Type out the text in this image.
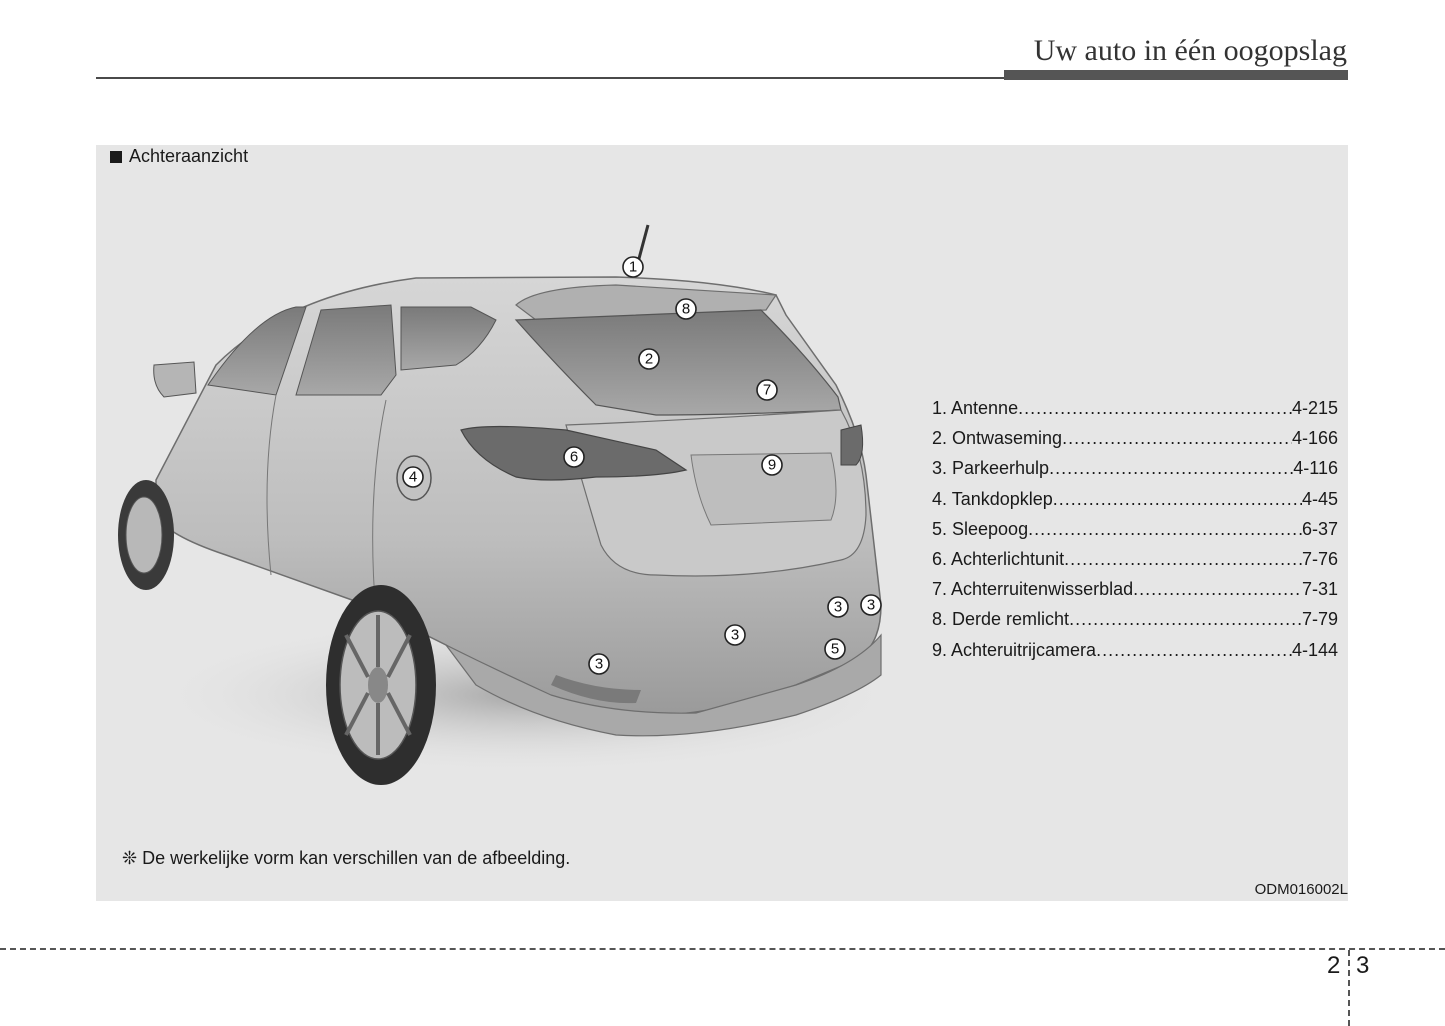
Uw auto in één oogopslag
Achteraanzicht
1
8
2
7
6	9
4
3 3
3
5
3
1. Antenne .....	4-215
2. Ontwaseming .....	4-166
3. Parkeerhulp .....	4-116
4. Tankdopklep .....	4-45
5. Sleepoog .....	6-37
6. Achterlichtunit .....	7-76
7. Achterruitenwisserblad .....	7-31
8. Derde remlicht .....	7-79
9. Achteruitrijcamera .....	4-144
❊ De werkelijke vorm kan verschillen van de afbeelding.
ODM016002L
2 3
